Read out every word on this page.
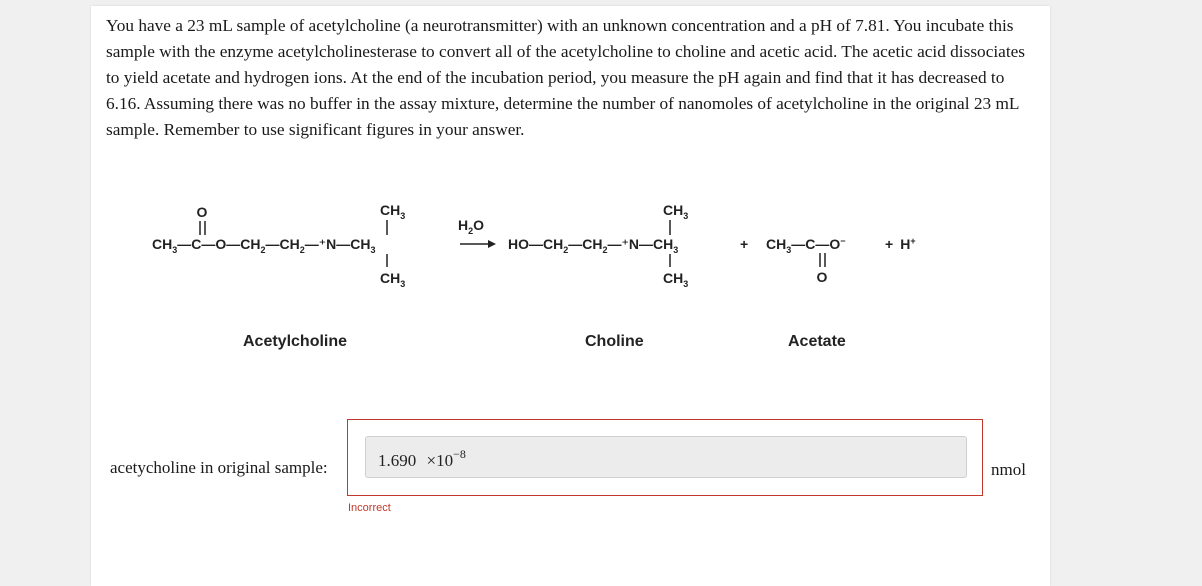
You have a 23 mL sample of acetylcholine (a neurotransmitter) with an unknown concentration and a pH of 7.81. You incubate this sample with the enzyme acetylcholinesterase to convert all of the acetylcholine to choline and acetic acid. The acetic acid dissociates to yield acetate and hydrogen ions. At the end of the incubation period, you measure the pH again and find that it has decreased to 6.16. Assuming there was no buffer in the assay mixture, determine the number of nanomoles of acetylcholine in the original 23 mL sample. Remember to use significant figures in your answer.

O
$CH_3—C—O—CH_2—CH_2—^+N—CH_3$
$CH_3$
$CH_3$
$H_2O$
$HO—CH_2—CH_2—^+N—CH_3$
$CH_3$
$CH_3$
+ $CH_3—C—O^-$
O
+ H+
Acetylcholine	Choline	Acetate
acetycholine in original sample:	$1.690 \times 10^{-8}$
nmol
Incorrect
